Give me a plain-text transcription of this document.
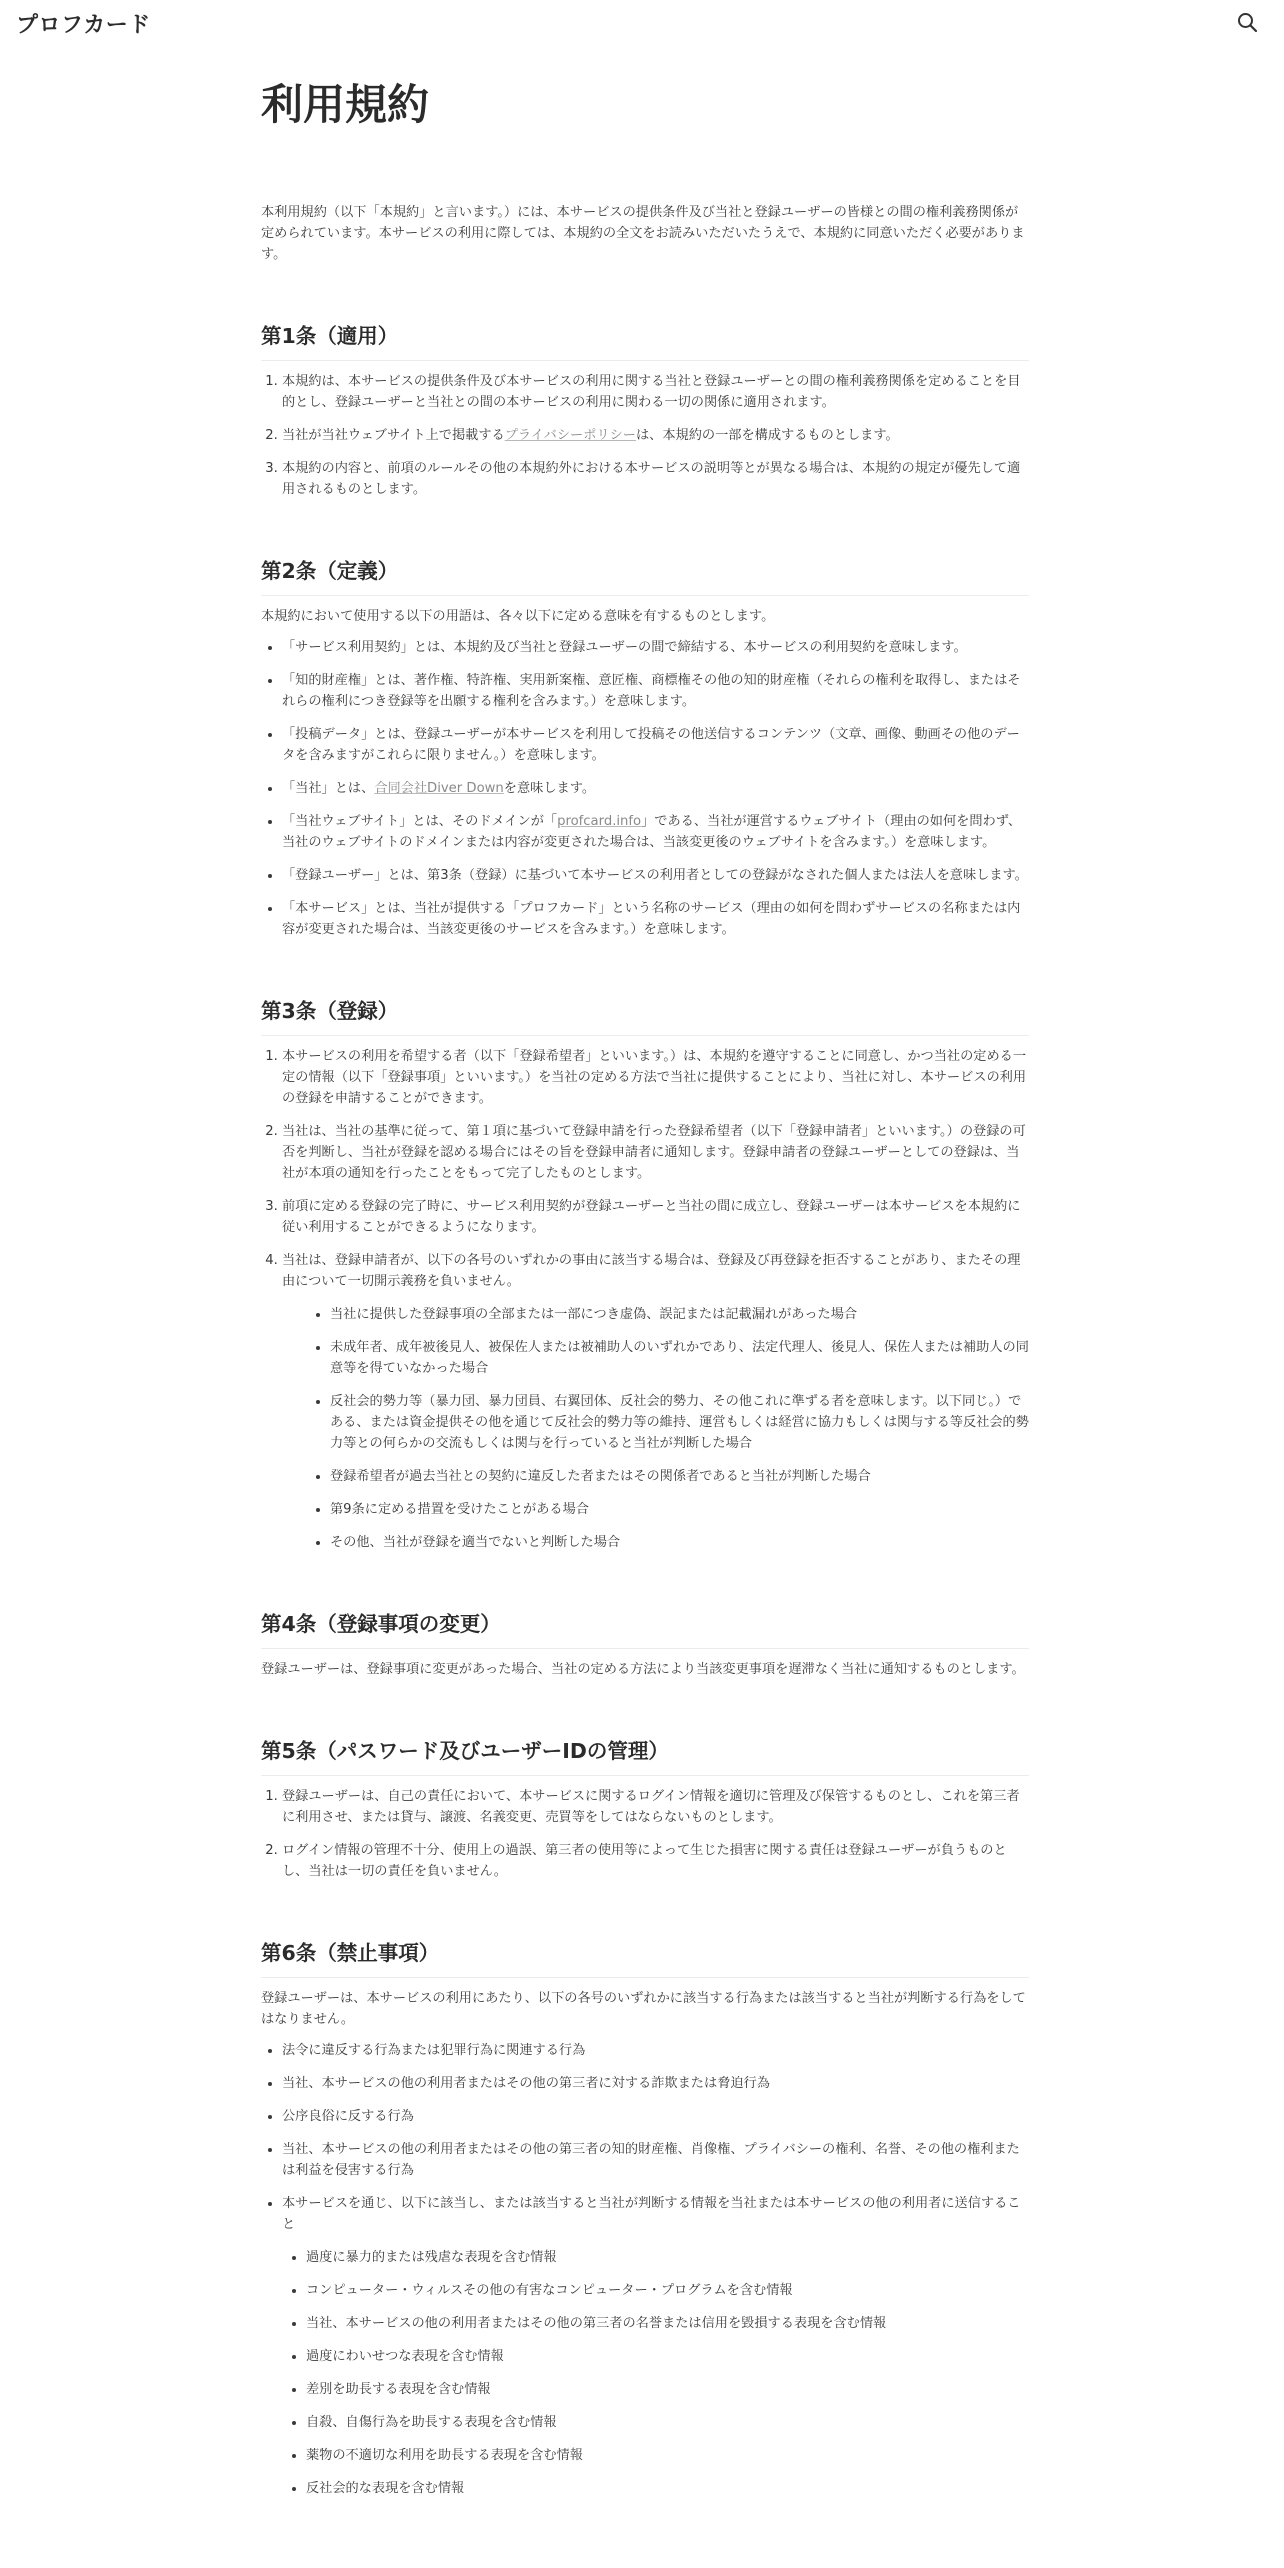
プロフカード
利用規約

本利用規約（以下「本規約」と言います。）には、本サービスの提供条件及び当社と登録ユーザーの皆様との間の権利義務関係が定められています。本サービスの利用に際しては、本規約の全文をお読みいただいたうえで、本規約に同意いただく必要があります。

第1条（適用）
1. 本規約は、本サービスの提供条件及び本サービスの利用に関する当社と登録ユーザーとの間の権利義務関係を定めることを目的とし、登録ユーザーと当社との間の本サービスの利用に関わる一切の関係に適用されます。
2. 当社が当社ウェブサイト上で掲載するプライバシーポリシーは、本規約の一部を構成するものとします。
3. 本規約の内容と、前項のルールその他の本規約外における本サービスの説明等とが異なる場合は、本規約の規定が優先して適用されるものとします。
第2条（定義）

本規約において使用する以下の用語は、各々以下に定める意味を有するものとします。

• 「サービス利用契約」とは、本規約及び当社と登録ユーザーの間で締結する、本サービスの利用契約を意味します。
• 「知的財産権」とは、著作権、特許権、実用新案権、意匠権、商標権その他の知的財産権（それらの権利を取得し、またはそれらの権利につき登録等を出願する権利を含みます。）を意味します。
• 「投稿データ」とは、登録ユーザーが本サービスを利用して投稿その他送信するコンテンツ（文章、画像、動画その他のデータを含みますがこれらに限りません。）を意味します。
• 「当社」とは、合同会社Diver Downを意味します。
• 「当社ウェブサイト」とは、そのドメインが「profcard.info」である、当社が運営するウェブサイト（理由の如何を問わず、当社のウェブサイトのドメインまたは内容が変更された場合は、当該変更後のウェブサイトを含みます。）を意味します。
• 「登録ユーザー」とは、第3条（登録）に基づいて本サービスの利用者としての登録がなされた個人または法人を意味します。
• 「本サービス」とは、当社が提供する「プロフカード」という名称のサービス（理由の如何を問わずサービスの名称または内容が変更された場合は、当該変更後のサービスを含みます。）を意味します。
第3条（登録）
1. 本サービスの利用を希望する者（以下「登録希望者」といいます。）は、本規約を遵守することに同意し、かつ当社の定める一定の情報（以下「登録事項」といいます。）を当社の定める方法で当社に提供することにより、当社に対し、本サービスの利用の登録を申請することができます。
2. 当社は、当社の基準に従って、第１項に基づいて登録申請を行った登録希望者（以下「登録申請者」といいます。）の登録の可否を判断し、当社が登録を認める場合にはその旨を登録申請者に通知します。登録申請者の登録ユーザーとしての登録は、当社が本項の通知を行ったことをもって完了したものとします。
3. 前項に定める登録の完了時に、サービス利用契約が登録ユーザーと当社の間に成立し、登録ユーザーは本サービスを本規約に従い利用することができるようになります。
4. 当社は、登録申請者が、以下の各号のいずれかの事由に該当する場合は、登録及び再登録を拒否することがあり、またその理由について一切開示義務を負いません。
• 当社に提供した登録事項の全部または一部につき虚偽、誤記または記載漏れがあった場合
• 未成年者、成年被後見人、被保佐人または被補助人のいずれかであり、法定代理人、後見人、保佐人または補助人の同意等を得ていなかった場合
• 反社会的勢力等（暴力団、暴力団員、右翼団体、反社会的勢力、その他これに準ずる者を意味します。以下同じ。）である、または資金提供その他を通じて反社会的勢力等の維持、運営もしくは経営に協力もしくは関与する等反社会的勢力等との何らかの交流もしくは関与を行っていると当社が判断した場合
• 登録希望者が過去当社との契約に違反した者またはその関係者であると当社が判断した場合
• 第9条に定める措置を受けたことがある場合
• その他、当社が登録を適当でないと判断した場合
第4条（登録事項の変更）

登録ユーザーは、登録事項に変更があった場合、当社の定める方法により当該変更事項を遅滞なく当社に通知するものとします。

第5条（パスワード及びユーザーIDの管理）
1. 登録ユーザーは、自己の責任において、本サービスに関するログイン情報を適切に管理及び保管するものとし、これを第三者に利用させ、または貸与、譲渡、名義変更、売買等をしてはならないものとします。
2. ログイン情報の管理不十分、使用上の過誤、第三者の使用等によって生じた損害に関する責任は登録ユーザーが負うものとし、当社は一切の責任を負いません。
第6条（禁止事項）

登録ユーザーは、本サービスの利用にあたり、以下の各号のいずれかに該当する行為または該当すると当社が判断する行為をしてはなりません。

• 法令に違反する行為または犯罪行為に関連する行為
• 当社、本サービスの他の利用者またはその他の第三者に対する詐欺または脅迫行為
• 公序良俗に反する行為
• 当社、本サービスの他の利用者またはその他の第三者の知的財産権、肖像権、プライバシーの権利、名誉、その他の権利または利益を侵害する行為
• 本サービスを通じ、以下に該当し、または該当すると当社が判断する情報を当社または本サービスの他の利用者に送信すること
• 過度に暴力的または残虐な表現を含む情報
• コンピューター・ウィルスその他の有害なコンピューター・プログラムを含む情報
• 当社、本サービスの他の利用者またはその他の第三者の名誉または信用を毀損する表現を含む情報
• 過度にわいせつな表現を含む情報
• 差別を助長する表現を含む情報
• 自殺、自傷行為を助長する表現を含む情報
• 薬物の不適切な利用を助長する表現を含む情報
• 反社会的な表現を含む情報
